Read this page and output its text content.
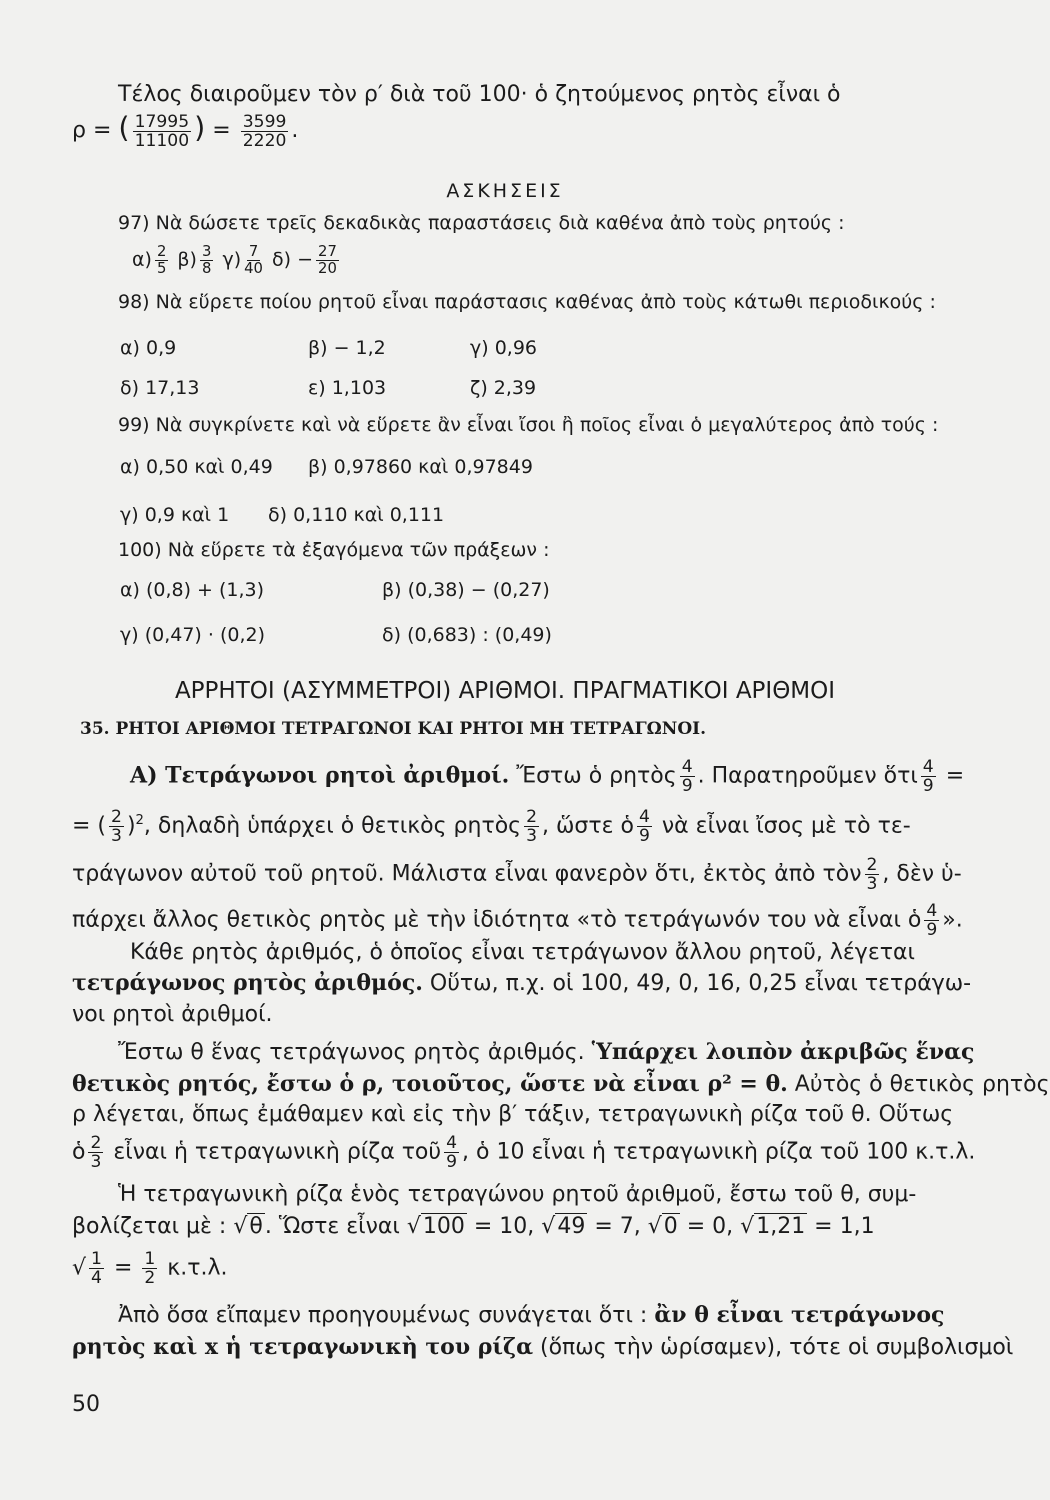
Τέλος διαιροῦμεν τὸν ρ′ διὰ τοῦ 100· ὁ ζητούμενος ρητὸς εἶναι ὁ
ρ = ( $\frac{17995}{11100}$ ) = $\frac{3599}{2220}$ .
ΑΣΚΗΣΕΙΣ
97) Νὰ δώσετε τρεῖς δεκαδικὰς παραστάσεις διὰ καθένα ἀπὸ τοὺς ρητούς :
$\alpha) \frac{2}{5} \beta) \frac{3}{8} \gamma) \frac{7}{40} \delta) - \frac{27}{20}$
98) Νὰ εὕρετε ποίου ρητοῦ εἶναι παράστασις καθένας ἀπὸ τοὺς κάτωθι περιοδικούς :
α) 0,9	β) − 1,2	γ) 0,96
δ) 17,13	ε) 1,103	ζ) 2,39
99) Νὰ συγκρίνετε καὶ νὰ εὕρετε ἂν εἶναι ἴσοι ἢ ποῖος εἶναι ὁ μεγαλύτερος ἀπὸ τούς :
α) 0,50 καὶ 0,49 β) 0,97860 καὶ 0,97849
γ) 0,9 καὶ 1 δ) 0,110 καὶ 0,111
100) Νὰ εὕρετε τὰ ἐξαγόμενα τῶν πράξεων :
α) (0,8) + (1,3)	β) (0,38) − (0,27)
γ) (0,47) · (0,2)	δ) (0,683) : (0,49)
ΑΡΡΗΤΟΙ (ΑΣΥΜΜΕΤΡΟΙ) ΑΡΙΘΜΟΙ. ΠΡΑΓΜΑΤΙΚΟΙ ΑΡΙΘΜΟΙ
35. ΡΗΤΟΙ ΑΡΙΘΜΟΙ ΤΕΤΡΑΓΩΝΟΙ ΚΑΙ ΡΗΤΟΙ ΜΗ ΤΕΤΡΑΓΩΝΟΙ.
Α) Τετράγωνοι ρητοὶ ἀριθμοί. Ἔστω ὁ ρητὸς $\frac{4}{9}$ . Παρατηροῦμεν ὅτι $\frac{4}{9}$ =
= ( $\frac{2}{3} )^2$, δηλαδὴ ὑπάρχει ὁ θετικὸς ρητὸς $\frac{2}{3}$ , ὥστε ὁ $\frac{4}{9}$ νὰ εἶναι ἴσος μὲ τὸ τε-
τράγωνον αὐτοῦ τοῦ ρητοῦ. Μάλιστα εἶναι φανερὸν ὅτι, ἐκτὸς ἀπὸ τὸν $\frac{2}{3}$ , δὲν ὑ-
πάρχει ἄλλος θετικὸς ρητὸς μὲ τὴν ἰδιότητα «τὸ τετράγωνόν του νὰ εἶναι ὁ $\frac{4}{9}$ ».
Κάθε ρητὸς ἀριθμός, ὁ ὁποῖος εἶναι τετράγωνον ἄλλου ρητοῦ, λέγεται
τετράγωνος ρητὸς ἀριθμός. Οὕτω, π.χ. οἱ 100, 49, 0, 16, 0,25 εἶναι τετράγω-
νοι ρητοὶ ἀριθμοί.
Ἔστω θ ἕνας τετράγωνος ρητὸς ἀριθμός. Ὑπάρχει λοιπὸν ἀκριβῶς ἕνας
θετικὸς ρητός, ἔστω ὁ ρ, τοιοῦτος, ὥστε νὰ εἶναι ρ² = θ. Αὐτὸς ὁ θετικὸς ρητὸς
ρ λέγεται, ὅπως ἐμάθαμεν καὶ εἰς τὴν β′ τάξιν, τετραγωνικὴ ρίζα τοῦ θ. Οὕτως
ὁ $\frac{2}{3}$ εἶναι ἡ τετραγωνικὴ ρίζα τοῦ $\frac{4}{9}$ , ὁ 10 εἶναι ἡ τετραγωνικὴ ρίζα τοῦ 100 κ.τ.λ.
Ἡ τετραγωνικὴ ρίζα ἑνὸς τετραγώνου ρητοῦ ἀριθμοῦ, ἔστω τοῦ θ, συμ-
βολίζεται μὲ : √θ. Ὥστε εἶναι √100 = 10, √49 = 7, √0 = 0, √1,21 = 1,1
√ $\frac{1}{4} = \frac{1}{2} \kappa.\tau.\lambda$.
Ἀπὸ ὅσα εἴπαμεν προηγουμένως συνάγεται ὅτι : ἂν θ εἶναι τετράγωνος
ρητὸς καὶ x ἡ τετραγωνικὴ του ρίζα (ὅπως τὴν ὡρίσαμεν), τότε οἱ συμβολισμοὶ
50
